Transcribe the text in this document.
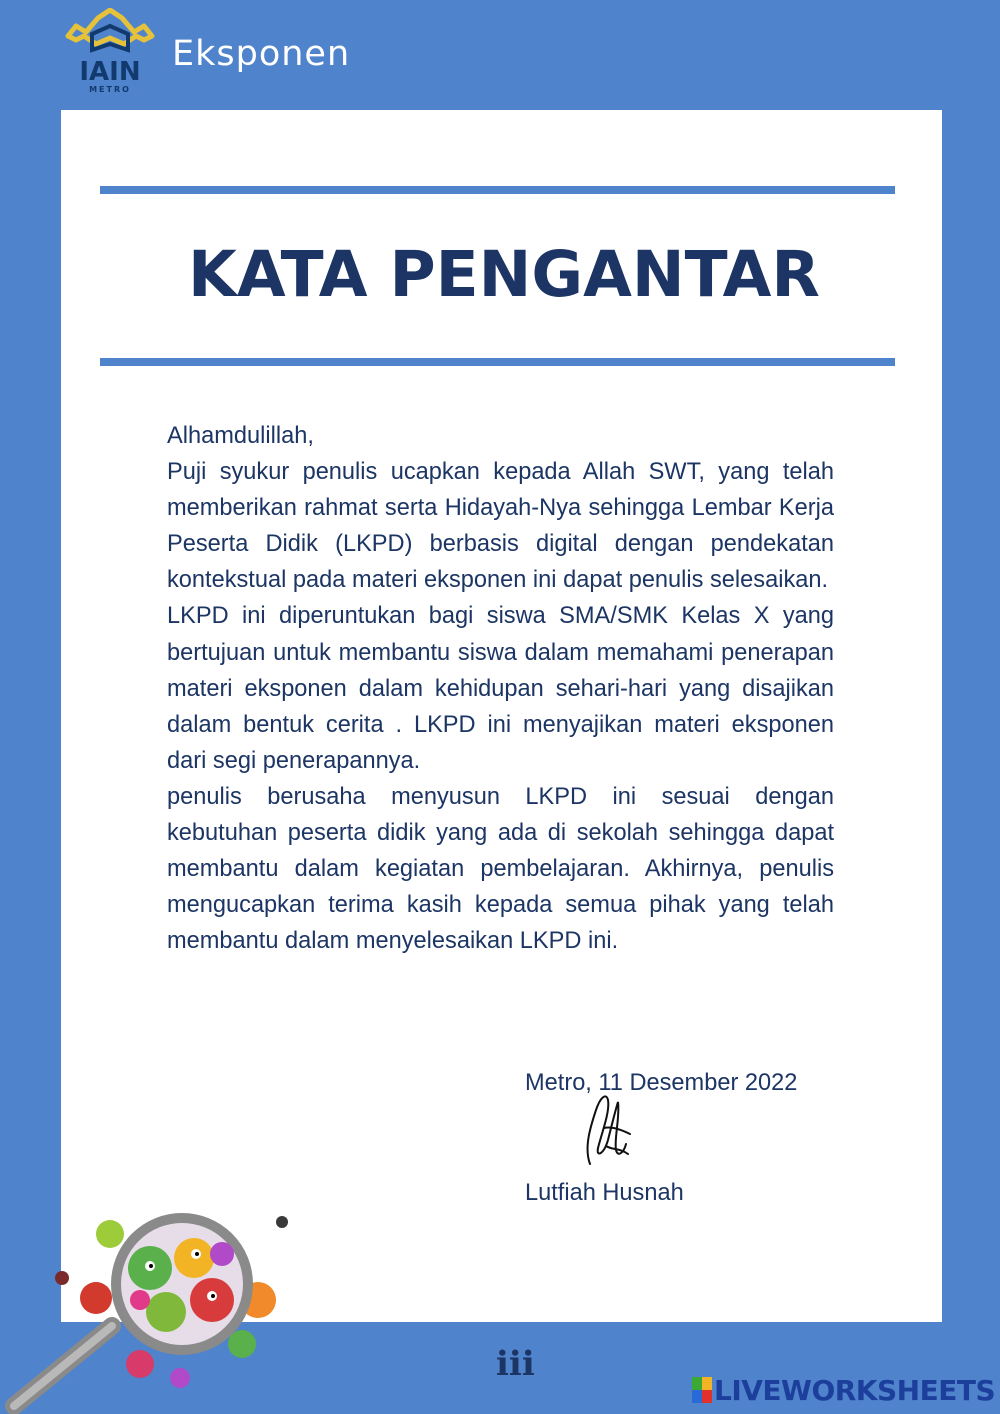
IAIN
METRO
Eksponen
KATA PENGANTAR

Alhamdulillah,

Puji syukur penulis ucapkan kepada Allah SWT, yang telah memberikan rahmat serta Hidayah-Nya sehingga Lembar Kerja Peserta Didik (LKPD) berbasis digital dengan pendekatan kontekstual pada materi eksponen ini dapat penulis selesaikan.

LKPD ini diperuntukan bagi siswa SMA/SMK Kelas X yang bertujuan untuk membantu siswa dalam memahami penerapan materi eksponen dalam kehidupan sehari-hari yang disajikan dalam bentuk cerita . LKPD ini menyajikan materi eksponen dari segi penerapannya.

penulis berusaha menyusun LKPD ini sesuai dengan kebutuhan peserta didik yang ada di sekolah sehingga dapat membantu dalam kegiatan pembelajaran. Akhirnya, penulis mengucapkan terima kasih kepada semua pihak yang telah membantu dalam menyelesaikan LKPD ini.

Metro, 11 Desember 2022
Lutfiah Husnah
iii
LIVEWORKSHEETS
